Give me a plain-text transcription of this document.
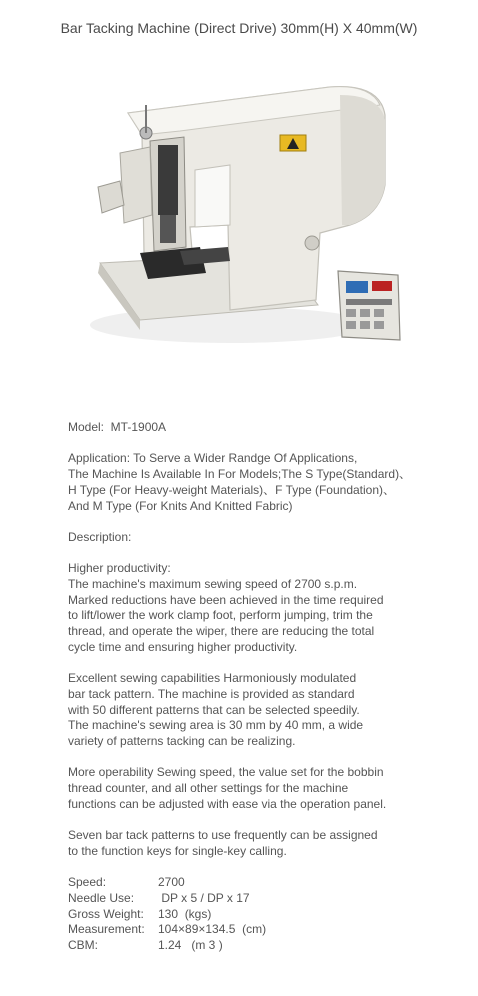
Bar Tacking Machine (Direct Drive) 30mm(H) X 40mm(W)

Model:  MT-1900A

Application: To Serve a Wider Randge Of Applications,
The Machine Is Available In For Models;The S Type(Standard)、
H Type (For Heavy-weight Materials)、F Type (Foundation)、
And M Type (For Knits And Knitted Fabric)

Description:

Higher productivity:
The machine's maximum sewing speed of 2700 s.p.m.
Marked reductions have been achieved in the time required
to lift/lower the work clamp foot, perform jumping, trim the
thread, and operate the wiper, there are reducing the total
cycle time and ensuring higher productivity.

Excellent sewing capabilities Harmoniously modulated
bar tack pattern. The machine is provided as standard
with 50 different patterns that can be selected speedily.
The machine's sewing area is 30 mm by 40 mm, a wide
variety of patterns tacking can be realizing.

More operability Sewing speed, the value set for the bobbin
thread counter, and all other settings for the machine
functions can be adjusted with ease via the operation panel.

Seven bar tack patterns to use frequently can be assigned
to the function keys for single-key calling.

Speed:	2700
Needle Use:	DP x 5 / DP x 17
Gross Weight:	130  (kgs)
Measurement:	104×89×134.5  (cm)
CBM:	1.24   (m 3 )
